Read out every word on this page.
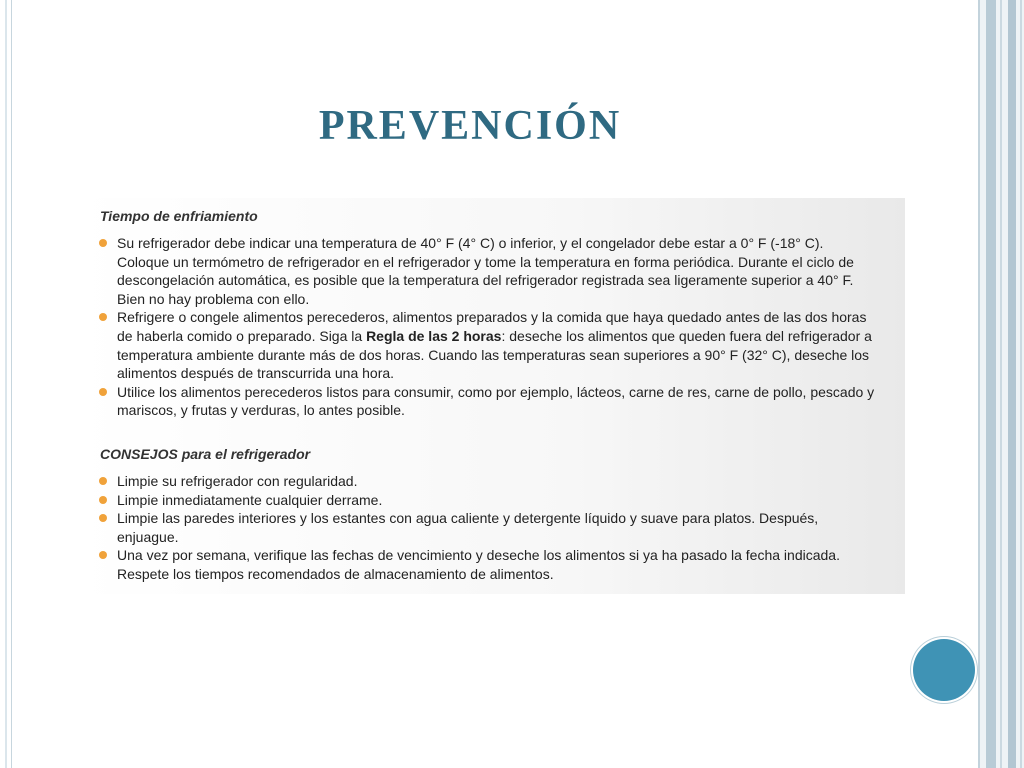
PREVENCIÓN
Tiempo de enfriamiento
Su refrigerador debe indicar una temperatura de 40° F (4° C) o inferior, y el congelador debe estar a 0° F (-18° C). Coloque un termómetro de refrigerador en el refrigerador y tome la temperatura en forma periódica. Durante el ciclo de descongelación automática, es posible que la temperatura del refrigerador registrada sea ligeramente superior a 40° F. Bien no hay problema con ello.
Refrigere o congele alimentos perecederos, alimentos preparados y la comida que haya quedado antes de las dos horas de haberla comido o preparado. Siga la Regla de las 2 horas: deseche los alimentos que queden fuera del refrigerador a temperatura ambiente durante más de dos horas. Cuando las temperaturas sean superiores a 90° F (32° C), deseche los alimentos después de transcurrida una hora.
Utilice los alimentos perecederos listos para consumir, como por ejemplo, lácteos, carne de res, carne de pollo, pescado y mariscos, y frutas y verduras, lo antes posible.
CONSEJOS para el refrigerador
Limpie su refrigerador con regularidad.
Limpie inmediatamente cualquier derrame.
Limpie las paredes interiores y los estantes con agua caliente y detergente líquido y suave para platos. Después, enjuague.
Una vez por semana, verifique las fechas de vencimiento y deseche los alimentos si ya ha pasado la fecha indicada. Respete los tiempos recomendados de almacenamiento de alimentos.
